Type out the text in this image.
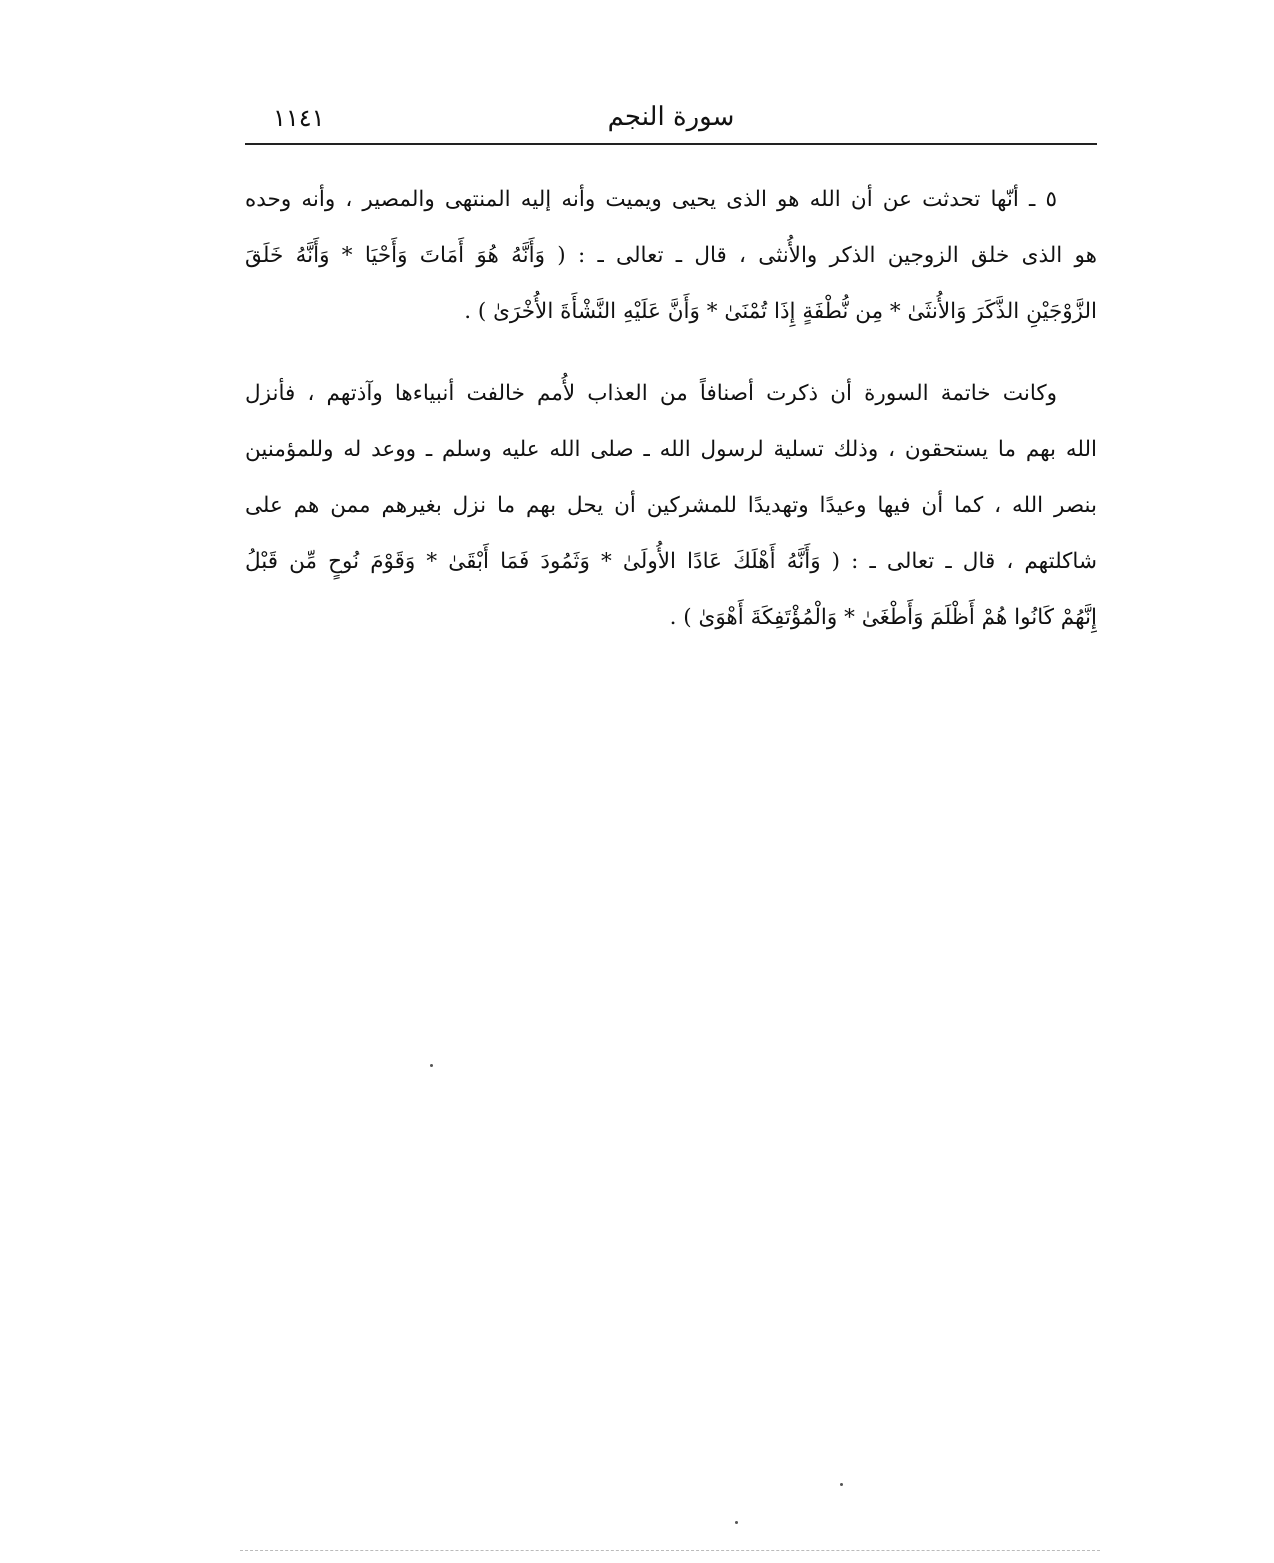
١١٤١	سورة النجم
٥ ـ أنّها تحدثت عن أن الله هو الذى يحيى ويميت وأنه إليه المنتهى والمصير ، وأنه وحده
هو الذى خلق الزوجين الذكر والأُنثى ، قال ـ تعالى ـ : ( وَأَنَّهُ هُوَ أَمَاتَ وَأَحْيَا * وَأَنَّهُ خَلَقَ
الزَّوْجَيْنِ الذَّكَرَ وَالأُنثَىٰ * مِن نُّطْفَةٍ إِذَا تُمْنَىٰ * وَأَنَّ عَلَيْهِ النَّشْأَةَ الأُخْرَىٰ ) .
وكانت خاتمة السورة أن ذكرت أصنافاً من العذاب لأُمم خالفت أنبياءها وآذتهم ، فأنزل
الله بهم ما يستحقون ، وذلك تسلية لرسول الله ـ صلى الله عليه وسلم ـ ووعد له وللمؤمنين
بنصر الله ، كما أن فيها وعيدًا وتهديدًا للمشركين أن يحل بهم ما نزل بغيرهم ممن هم على
شاكلتهم ، قال ـ تعالى ـ : ( وَأَنَّهُ أَهْلَكَ عَادًا الأُولَىٰ * وَثَمُودَ فَمَا أَبْقَىٰ * وَقَوْمَ نُوحٍ مِّن قَبْلُ
إِنَّهُمْ كَانُوا هُمْ أَظْلَمَ وَأَطْغَىٰ * وَالْمُؤْتَفِكَةَ أَهْوَىٰ ) .
